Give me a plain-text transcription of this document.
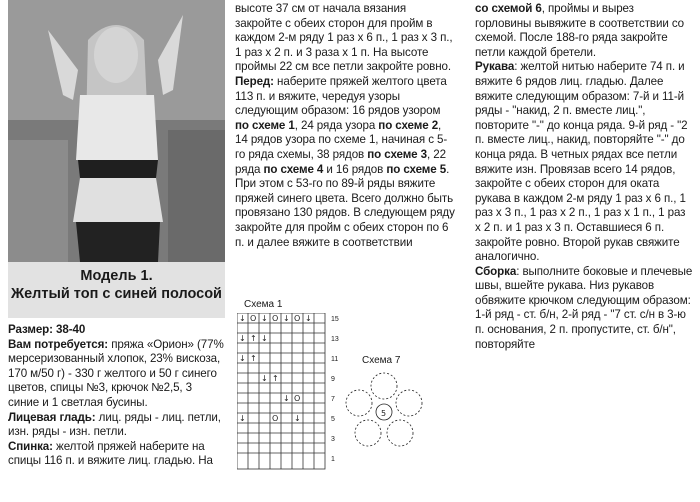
Модель 1.
Желтый топ с синей полосой

Размер: 38-40

Вам потребуется: пряжа «Орион» (77% мерсеризованный хлопок, 23% вискоза, 170 м/50 г) - 330 г желтого и 50 г синего цветов, спицы №3, крючок №2,5, 3 синие и 1 светлая бусины.

Лицевая гладь: лиц. ряды - лиц. петли, изн. ряды - изн. петли.

Спинка: желтой пряжей наберите на спицы 116 п. и вяжите лиц. гладью. На

высоте 37 см от начала вязания закройте с обеих сторон для пройм в каждом 2-м ряду 1 раз х 6 п., 1 раз х 3 п., 1 раз х 2 п. и 3 раза х 1 п. На высоте проймы 22 см все петли закройте ровно.

Перед: наберите пряжей желтого цвета 113 п. и вяжите, чередуя узоры следующим образом: 16 рядов узором по схеме 1, 24 ряда узора по схеме 2, 14 рядов узора по схеме 1, начиная с 5-го ряда схемы, 38 рядов по схеме 3, 22 ряда по схеме 4 и 16 рядов по схеме 5. При этом с 53-го по 89-й ряды вяжите пряжей синего цвета. Всего должно быть провязано 130 рядов. В следующем ряду закройте для пройм с обеих сторон по 6 п. и далее вяжите в соответствии

Схема 1
↓ O ↓ O ↓ O ↓
↓ ↑ ↓
↓ ↑
↓ ↑
↓ O
↓	O ↓
15
13
11
9
7
5
3
1
Схема 7
5

со схемой 6, проймы и вырез горловины вывяжите в соответствии со схемой. После 188-го ряда закройте петли каждой бретели.

Рукава: желтой нитью наберите 74 п. и вяжите 6 рядов лиц. гладью. Далее вяжите следующим образом: 7-й и 11-й ряды - "накид, 2 п. вместе лиц.", повторите "-" до конца ряда. 9-й ряд - "2 п. вместе лиц., накид, повторяйте "-" до конца ряда. В четных рядах все петли вяжите изн. Провязав всего 14 рядов, закройте с обеих сторон для оката рукава в каждом 2-м ряду 1 раз х 6 п., 1 раз х 3 п., 1 раз х 2 п., 1 раз х 1 п., 1 раз х 2 п. и 1 раз х 3 п. Оставшиеся 6 п. закройте ровно. Второй рукав свяжите аналогично.

Сборка: выполните боковые и плечевые швы, вшейте рукава. Низ рукавов обвяжите крючком следующим образом: 1-й ряд - ст. б/н, 2-й ряд - "7 ст. с/н в 3-ю п. основания, 2 п. пропустите, ст. б/н", повторяйте
